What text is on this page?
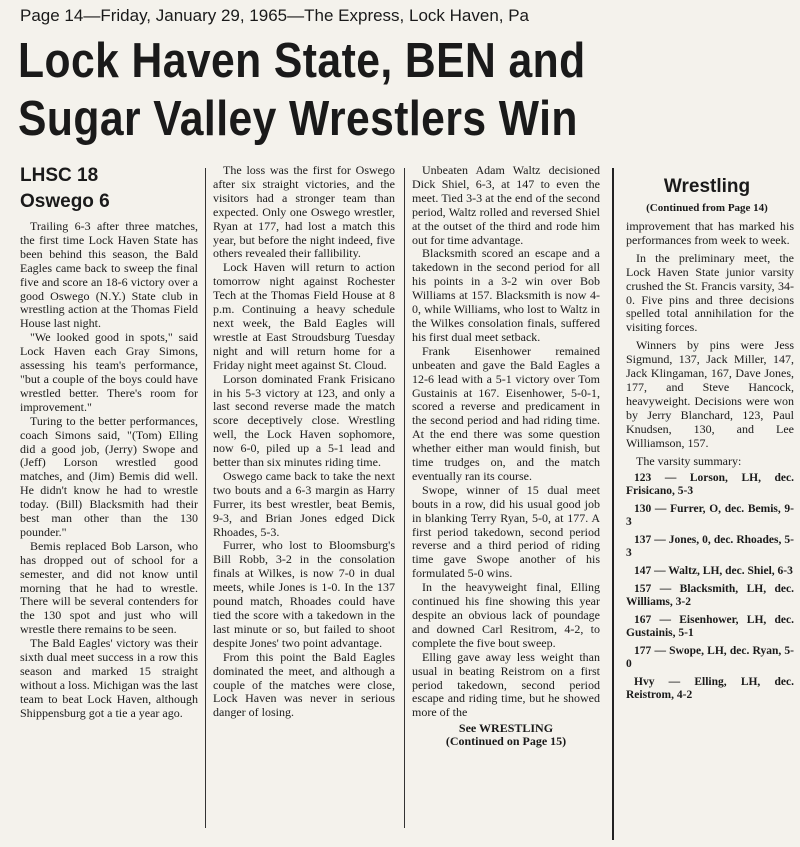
Page 14—Friday, January 29, 1965—The Express, Lock Haven, Pa
Lock Haven State, BEN and
Sugar Valley Wrestlers Win
LHSC 18
Oswego 6

Trailing 6-3 after three matches, the first time Lock Haven State has been behind this season, the Bald Eagles came back to sweep the final five and score an 18-6 victory over a good Oswego (N.Y.) State club in wrestling action at the Thomas Field House last night.

"We looked good in spots," said Lock Haven each Gray Simons, assessing his team's performance, "but a couple of the boys could have wrestled better. There's room for improvement."

Turing to the better performances, coach Simons said, "(Tom) Elling did a good job, (Jerry) Swope and (Jeff) Lorson wrestled good matches, and (Jim) Bemis did well. He didn't know he had to wrestle today. (Bill) Blacksmith had their best man other than the 130 pounder."

Bemis replaced Bob Larson, who has dropped out of school for a semester, and did not know until morning that he had to wrestle. There will be several contenders for the 130 spot and just who will wrestle there remains to be seen.

The Bald Eagles' victory was their sixth dual meet success in a row this season and marked 15 straight without a loss. Michigan was the last team to beat Lock Haven, although Shippensburg got a tie a year ago.

The loss was the first for Oswego after six straight victories, and the visitors had a stronger team than expected. Only one Oswego wrestler, Ryan at 177, had lost a match this year, but before the night indeed, five others revealed their fallibility.

Lock Haven will return to action tomorrow night against Rochester Tech at the Thomas Field House at 8 p.m. Continuing a heavy schedule next week, the Bald Eagles will wrestle at East Stroudsburg Tuesday night and will return home for a Friday night meet against St. Cloud.

Lorson dominated Frank Frisicano in his 5-3 victory at 123, and only a last second reverse made the match score deceptively close. Wrestling well, the Lock Haven sophomore, now 6-0, piled up a 5-1 lead and better than six minutes riding time.

Oswego came back to take the next two bouts and a 6-3 margin as Harry Furrer, its best wrestler, beat Bemis, 9-3, and Brian Jones edged Dick Rhoades, 5-3.

Furrer, who lost to Bloomsburg's Bill Robb, 3-2 in the consolation finals at Wilkes, is now 7-0 in dual meets, while Jones is 1-0. In the 137 pound match, Rhoades could have tied the score with a takedown in the last minute or so, but failed to shoot despite Jones' two point advantage.

From this point the Bald Eagles dominated the meet, and although a couple of the matches were close, Lock Haven was never in serious danger of losing.

Unbeaten Adam Waltz decisioned Dick Shiel, 6-3, at 147 to even the meet. Tied 3-3 at the end of the second period, Waltz rolled and reversed Shiel at the outset of the third and rode him out for time advantage.

Blacksmith scored an escape and a takedown in the second period for all his points in a 3-2 win over Bob Williams at 157. Blacksmith is now 4-0, while Williams, who lost to Waltz in the Wilkes consolation finals, suffered his first dual meet setback.

Frank Eisenhower remained unbeaten and gave the Bald Eagles a 12-6 lead with a 5-1 victory over Tom Gustainis at 167. Eisenhower, 5-0-1, scored a reverse and predicament in the second period and had riding time. At the end there was some question whether either man would finish, but time trudges on, and the match eventually ran its course.

Swope, winner of 15 dual meet bouts in a row, did his usual good job in blanking Terry Ryan, 5-0, at 177. A first period takedown, second period reverse and a third period of riding time gave Swope another of his formulated 5-0 wins.

In the heavyweight final, Elling continued his fine showing this year despite an obvious lack of poundage and downed Carl Resitrom, 4-2, to complete the five bout sweep.

Elling gave away less weight than usual in beating Reistrom on a first period takedown, second period escape and riding time, but he showed more of the

See WRESTLING
(Continued on Page 15)
Wrestling
(Continued from Page 14)

improvement that has marked his performances from week to week.

In the preliminary meet, the Lock Haven State junior varsity crushed the St. Francis varsity, 34-0. Five pins and three decisions spelled total annihilation for the visiting forces.

Winners by pins were Jess Sigmund, 137, Jack Miller, 147, Jack Klingaman, 167, Dave Jones, 177, and Steve Hancock, heavyweight. Decisions were won by Jerry Blanchard, 123, Paul Knudsen, 130, and Lee Williamson, 157.

The varsity summary:

123 — Lorson, LH, dec. Frisicano, 5-3
130 — Furrer, O, dec. Bemis, 9-3
137 — Jones, 0, dec. Rhoades, 5-3
147 — Waltz, LH, dec. Shiel, 6-3
157 — Blacksmith, LH, dec. Williams, 3-2
167 — Eisenhower, LH, dec. Gustainis, 5-1
177 — Swope, LH, dec. Ryan, 5-0
Hvy — Elling, LH, dec. Reistrom, 4-2
